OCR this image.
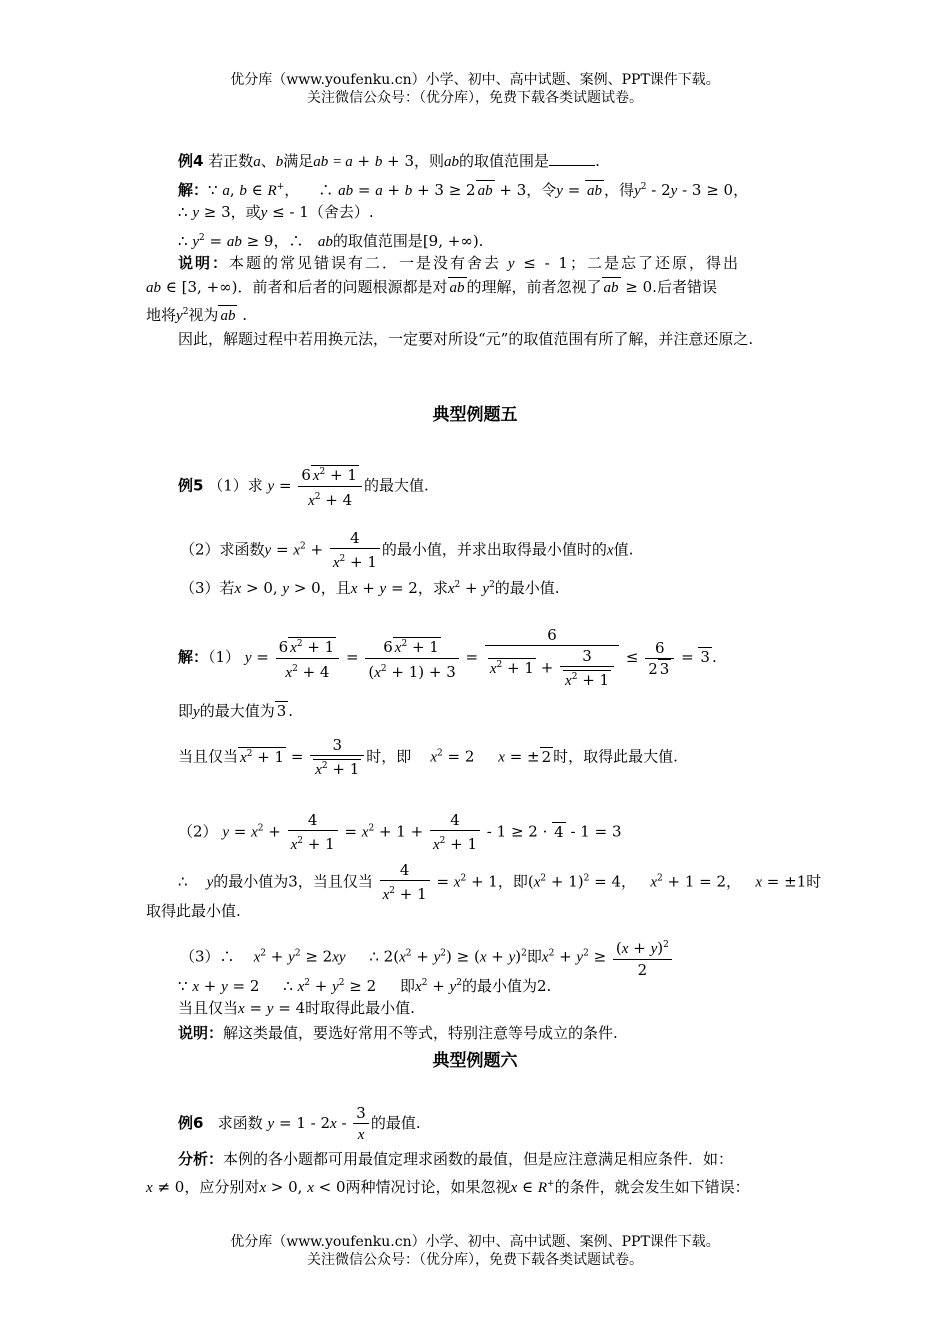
优分库（www.youfenku.cn）小学、初中、高中试题、案例、PPT课件下载。
关注微信公众号：（优分库），免费下载各类试题试卷。
例4 若正数a、b满足ab = a + b + 3，则ab的取值范围是	.
解：∵ a, b ∈ R+，    ∴ ab = a + b + 3 ≥ 2 ab + 3，令y = ab ，得$y^2 - 2y - 3 \ge 0$，
∴ y ≥ 3，或y ≤ - 1（舍去）.
∴ $y^2$ = ab ≥ 9，∴ ab的取值范围是[9, +∞).
说明：本题的常见错误有二．一是没有舍去 y ≤ - 1；二是忘了还原，得出
ab ∈ [3, +∞)．前者和后者的问题根源都是对 ab 的理解，前者忽视了 ab ≥ 0.后者错误
地将$y^2$视为 ab .
因此，解题过程中若用换元法，一定要对所设“元”的取值范围有所了解，并注意还原之.
典型例题五
例5 （1）求 $y = \frac{6 x^2 + 1}{x^2 + 4}$ 的最大值.
（2）求函数$y = x^2 + \frac{4}{x^2 + 1}$ 的最小值，并求出取得最小值时的x值.
（3）若x > 0, y > 0，且x + y = 2，求$x^2 + y^2$的最小值.
解：（1） $y = \frac{6 x^2 + 1}{x^2 + 4} = \frac{6 x^2 + 1}{(x^2 + 1) + 3} = \frac{6}{x^2 + 1 + \frac{3}{x^2 + 1}} \le \frac{6}{2 3} = 3$ .
即y的最大值为 3 .
当且仅当 $x^2 + 1 = \frac{3}{x^2 + 1}$ 时，即 $x^2 = 2$     x = ± 2 时，取得此最大值.
（2） $y = x^2 + \frac{4}{x^2 + 1} = x^2 + 1 + \frac{4}{x^2 + 1} - 1 \ge 2 \cdot 4 - 1 = 3$
∴ y的最小值为3，当且仅当 $\frac{4}{x^2 + 1} = x^2 + 1$，即$(x^2 + 1)^2 = 4$，   $x^2 + 1 = 2$，   x = ±1时
取得此最小值.
（3）∴ $x^2 + y^2 \ge 2xy$     ∴ $2(x^2 + y^2) \ge (x + y)^2$即$x^2 + y^2 \ge \frac{(x + y)^2}{2}$
∵ x + y = 2     ∴ $x^2 + y^2 \ge 2$     即$x^2 + y^2$的最小值为2.
当且仅当x = y = 4时取得此最小值.
说明：解这类最值，要选好常用不等式，特别注意等号成立的条件.
典型例题六
例6 求函数 $y = 1 - 2x - \frac{3}{x}$ 的最值.
分析：本例的各小题都可用最值定理求函数的最值，但是应注意满足相应条件．如：
x ≠ 0，应分别对x > 0, x < 0两种情况讨论，如果忽视x ∈ R+的条件，就会发生如下错误：
优分库（www.youfenku.cn）小学、初中、高中试题、案例、PPT课件下载。
关注微信公众号：（优分库），免费下载各类试题试卷。
